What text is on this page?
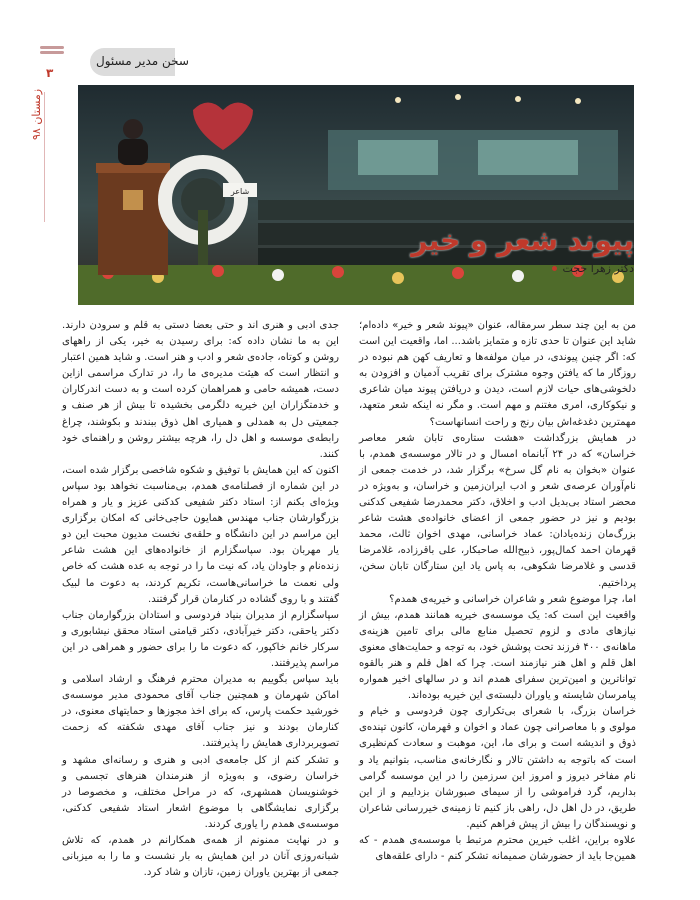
سخن مدیر مسئول
۳
زمستان ۹۸
شاعر
پیوند شعر و خیر
دکتر زهرا حجت

من به این چند سطر سرمقاله، عنوان «پیوند شعر و خیر» داده‌ام؛ شاید این عنوان تا حدی تازه و متمایز باشد... اما، واقعیت این است که: اگر چنین پیوندی، در میان مولفه‌ها و تعاریف کهن هم نبوده در روزگار ما که یافتن وجوه مشترک برای تقریب آدمیان و افزودن به دلخوشی‌های حیات لازم است، دیدن و دریافتن پیوند میان شاعری و نیکوکاری، امری مغتنم و مهم است. و مگر نه اینکه شعر متعهد، مهمترین دغدغه‌اش بیان رنج و راحت انسانهاست؟

در همایش بزرگداشت «هشت ستاره‌ی تابان شعر معاصر خراسان» که در ۲۴ آبانماه امسال و در تالار موسسه‌ی همدم، با عنوان «بخوان به نام گل سرخ» برگزار شد، در خدمت جمعی از نام‌آوران عرصه‌ی شعر و ادب ایران‌زمین و خراسان، و به‌ویژه در محضر استاد بی‌بدیل ادب و اخلاق، دکتر محمدرضا شفیعی کدکنی بودیم و نیز در حضور جمعی از اعضای خانواده‌ی هشت شاعر بزرگ‌مان زنده‌یادان: عماد خراسانی، مهدی اخوان ثالث، محمد قهرمان احمد کمال‌پور، ذبیح‌الله صاحبکار، علی باقرزاده، غلامرضا قدسی و غلامرضا شکوهی، به پاس یاد این ستارگان تابان سخن، پرداختیم.

اما، چرا موضوع شعر و شاعران خراسانی و خیریه‌ی همدم؟

واقعیت این است که: یک موسسه‌ی خیریه همانند همدم، بیش از نیازهای مادی و لزوم تحصیل منابع مالی برای تامین هزینه‌ی ماهانه‌ی ۴۰۰ فرزند تحت پوشش خود، به توجه و حمایت‌های معنوی اهل قلم و اهل هنر نیازمند است. چرا که اهل قلم و هنر بالقوه توانا‌ترین و امین‌ترین سفرای همدم اند و در سالهای اخیر همواره پیامرسان شایسته و یاوران دلبسته‌ی این خیریه بوده‌اند.

خراسان بزرگ، با شعرای بی‌تکراری چون فردوسی و خیام و مولوی و با معاصرانی چون عماد و اخوان و قهرمان، کانون تپنده‌ی ذوق و اندیشه است و برای ما، این، موهبت و سعادت کم‌نظیری است که باتوجه به داشتن تالار و نگارخانه‌ی مناسب، بتوانیم یاد و نام مفاخر دیروز و امروز این سرزمین را در این موسسه گرامی بداریم، گرد فراموشی را از سیمای صبورشان بزداییم و از این طریق، در دل اهل دل، راهی باز کنیم تا زمینه‌ی خیررسانی شاعران و نویسندگان را بیش از پیش فراهم کنیم.

علاوه براین، اغلب خیرین محترم مرتبط با موسسه‌ی همدم - که همین‌جا باید از حضورشان صمیمانه تشکر کنم - دارای علقه‌های

جدی ادبی و هنری اند و حتی بعضا دستی به قلم و سرودن دارند. این به ما نشان داده که: برای رسیدن به خیر، یکی از راههای روشن و کوتاه، جاده‌ی شعر و ادب و هنر است. و شاید همین اعتبار و انتظار است که هیئت مدیره‌ی ما را، در تدارک مراسمی ازاین دست، همیشه حامی و همراهمان کرده است و به دست اندرکاران و خدمتگزاران این خیریه دلگرمی بخشیده تا بیش از هر صنف و جمعیتی دل به همدلی و همیاری اهل ذوق ببندند و بکوشند، چراغ رابطه‌ی موسسه و اهل دل را، هرچه بیشتر روشن و راهنمای خود کنند.

اکنون که این همایش با توفیق و شکوه شاخصی برگزار شده است، در این شماره از فصلنامه‌ی همدم، بی‌مناسبت نخواهد بود سپاس ویژه‌ای بکنم از: استاد دکتر شفیعی کدکنی عزیز و یار و همراه بزرگوارشان جناب مهندس همایون حاجی‌خانی که امکان برگزاری این مراسم در این دانشگاه و حلقه‌ی نخست مدیون محبت این دو یار مهربان بود. سپاسگزارم از خانواده‌های این هشت شاعر زنده‌نام و جاودان یاد، که نیت ما را در توجه به عده هشت که خاص ولی نعمت ما خراسانی‌هاست، تکریم کردند، به دعوت ما لبیک گفتند و با روی گشاده در کنارمان قرار گرفتند.

سپاسگزارم از مدیران بنیاد فردوسی و استادان بزرگوارمان جناب دکتر یاحقی، دکتر خیرآبادی، دکتر قیامتی استاد محقق نیشابوری و سرکار خانم خاکپور، که دعوت ما را برای حضور و همراهی در این مراسم پذیرفتند.

باید سپاس بگوییم به مدیران محترم فرهنگ و ارشاد اسلامی و اماکن شهرمان و همچنین جناب آقای محمودی مدیر موسسه‌ی خورشید حکمت پارس، که برای اخذ مجوزها و حمایتهای معنوی، در کنارمان بودند و نیز جناب آقای مهدی شکفته که زحمت تصویربرداری همایش را پذیرفتند.

و تشکر کنم از کل جامعه‌ی ادبی و هنری و رسانه‌ای مشهد و خراسان رضوی، و به‌ویژه از هنرمندان هنرهای تجسمی و خوشنویسان همشهری، که در مراحل مختلف، و مخصوصا در برگزاری نمایشگاهی با موضوع اشعار استاد شفیعی کدکنی، موسسه‌ی همدم را یاوری کردند.

و در نهایت ممنونم از همه‌ی همکارانم در همدم، که تلاش شبانه‌روزی آنان در این همایش به بار نشست و ما را به میزبانی جمعی از بهترین یاوران زمین، تازان و شاد کرد.
